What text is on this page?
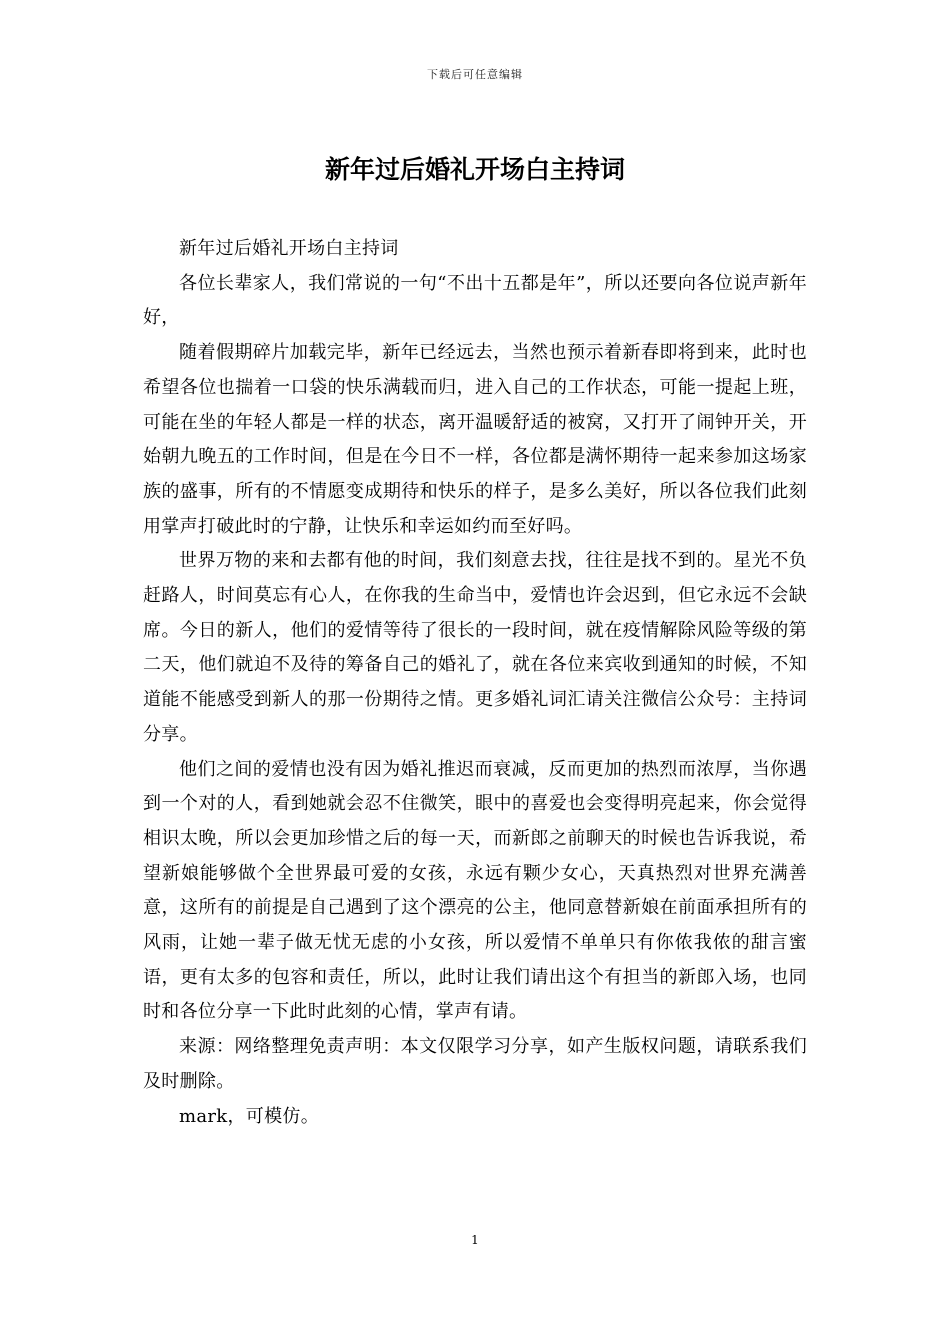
下载后可任意编辑
新年过后婚礼开场白主持词

新年过后婚礼开场白主持词

各位长辈家人，我们常说的一句“不出十五都是年”，所以还要向各位说声新年好，

随着假期碎片加载完毕，新年已经远去，当然也预示着新春即将到来，此时也希望各位也揣着一口袋的快乐满载而归，进入自己的工作状态，可能一提起上班，可能在坐的年轻人都是一样的状态，离开温暖舒适的被窝，又打开了闹钟开关，开始朝九晚五的工作时间，但是在今日不一样，各位都是满怀期待一起来参加这场家族的盛事，所有的不情愿变成期待和快乐的样子，是多么美好，所以各位我们此刻用掌声打破此时的宁静，让快乐和幸运如约而至好吗。

世界万物的来和去都有他的时间，我们刻意去找，往往是找不到的。星光不负赶路人，时间莫忘有心人，在你我的生命当中，爱情也许会迟到，但它永远不会缺席。今日的新人，他们的爱情等待了很长的一段时间，就在疫情解除风险等级的第二天，他们就迫不及待的筹备自己的婚礼了，就在各位来宾收到通知的时候，不知道能不能感受到新人的那一份期待之情。更多婚礼词汇请关注微信公众号：主持词分享。

他们之间的爱情也没有因为婚礼推迟而衰减，反而更加的热烈而浓厚，当你遇到一个对的人，看到她就会忍不住微笑，眼中的喜爱也会变得明亮起来，你会觉得相识太晚，所以会更加珍惜之后的每一天，而新郎之前聊天的时候也告诉我说，希望新娘能够做个全世界最可爱的女孩，永远有颗少女心，天真热烈对世界充满善意，这所有的前提是自己遇到了这个漂亮的公主，他同意替新娘在前面承担所有的风雨，让她一辈子做无忧无虑的小女孩，所以爱情不单单只有你侬我侬的甜言蜜语，更有太多的包容和责任，所以，此时让我们请出这个有担当的新郎入场，也同时和各位分享一下此时此刻的心情，掌声有请。

来源：网络整理免责声明：本文仅限学习分享，如产生版权问题，请联系我们及时删除。

mark，可模仿。

1
